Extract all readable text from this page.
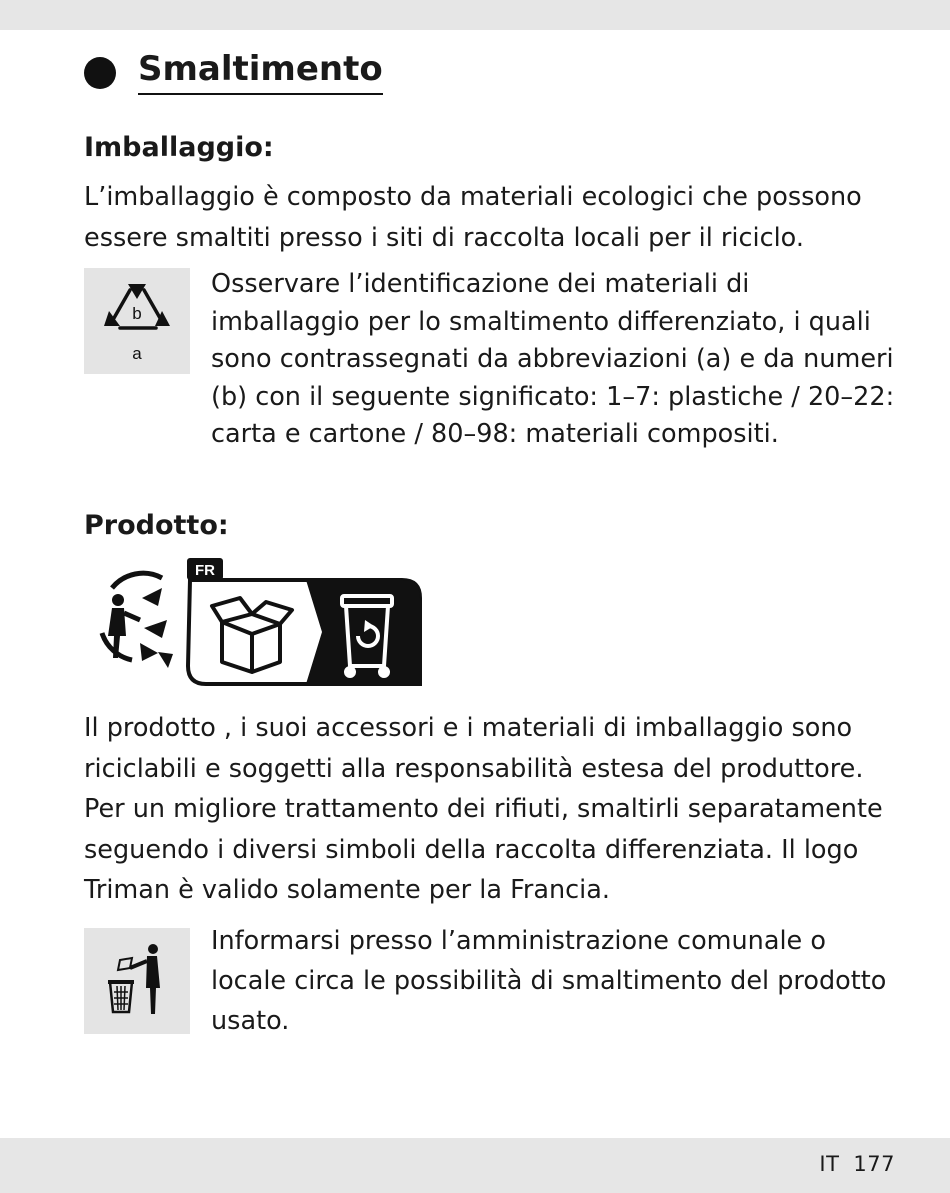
Smaltimento
Imballaggio:

L’imballaggio è composto da materiali ecologici che possono essere smaltiti presso i siti di raccolta locali per il riciclo.

b
a

Osservare l’identificazione dei materiali di imballaggio per lo smaltimento differenziato, i quali sono contrassegnati da abbreviazioni (a) e da numeri (b) con il seguente significato: 1–7: plastiche / 20–22: carta e cartone / 80–98: materiali compositi.

Prodotto:
FR

Il prodotto , i suoi accessori e i materiali di imballaggio sono riciclabili e soggetti alla responsabilità estesa del produttore. Per un migliore trattamento dei rifiuti, smaltirli separatamente seguendo i diversi simboli della raccolta differenziata. Il logo Triman è valido solamente per la Francia.

Informarsi presso l’amministrazione comunale o locale circa le possibilità di smaltimento del prodotto usato.

IT 177
